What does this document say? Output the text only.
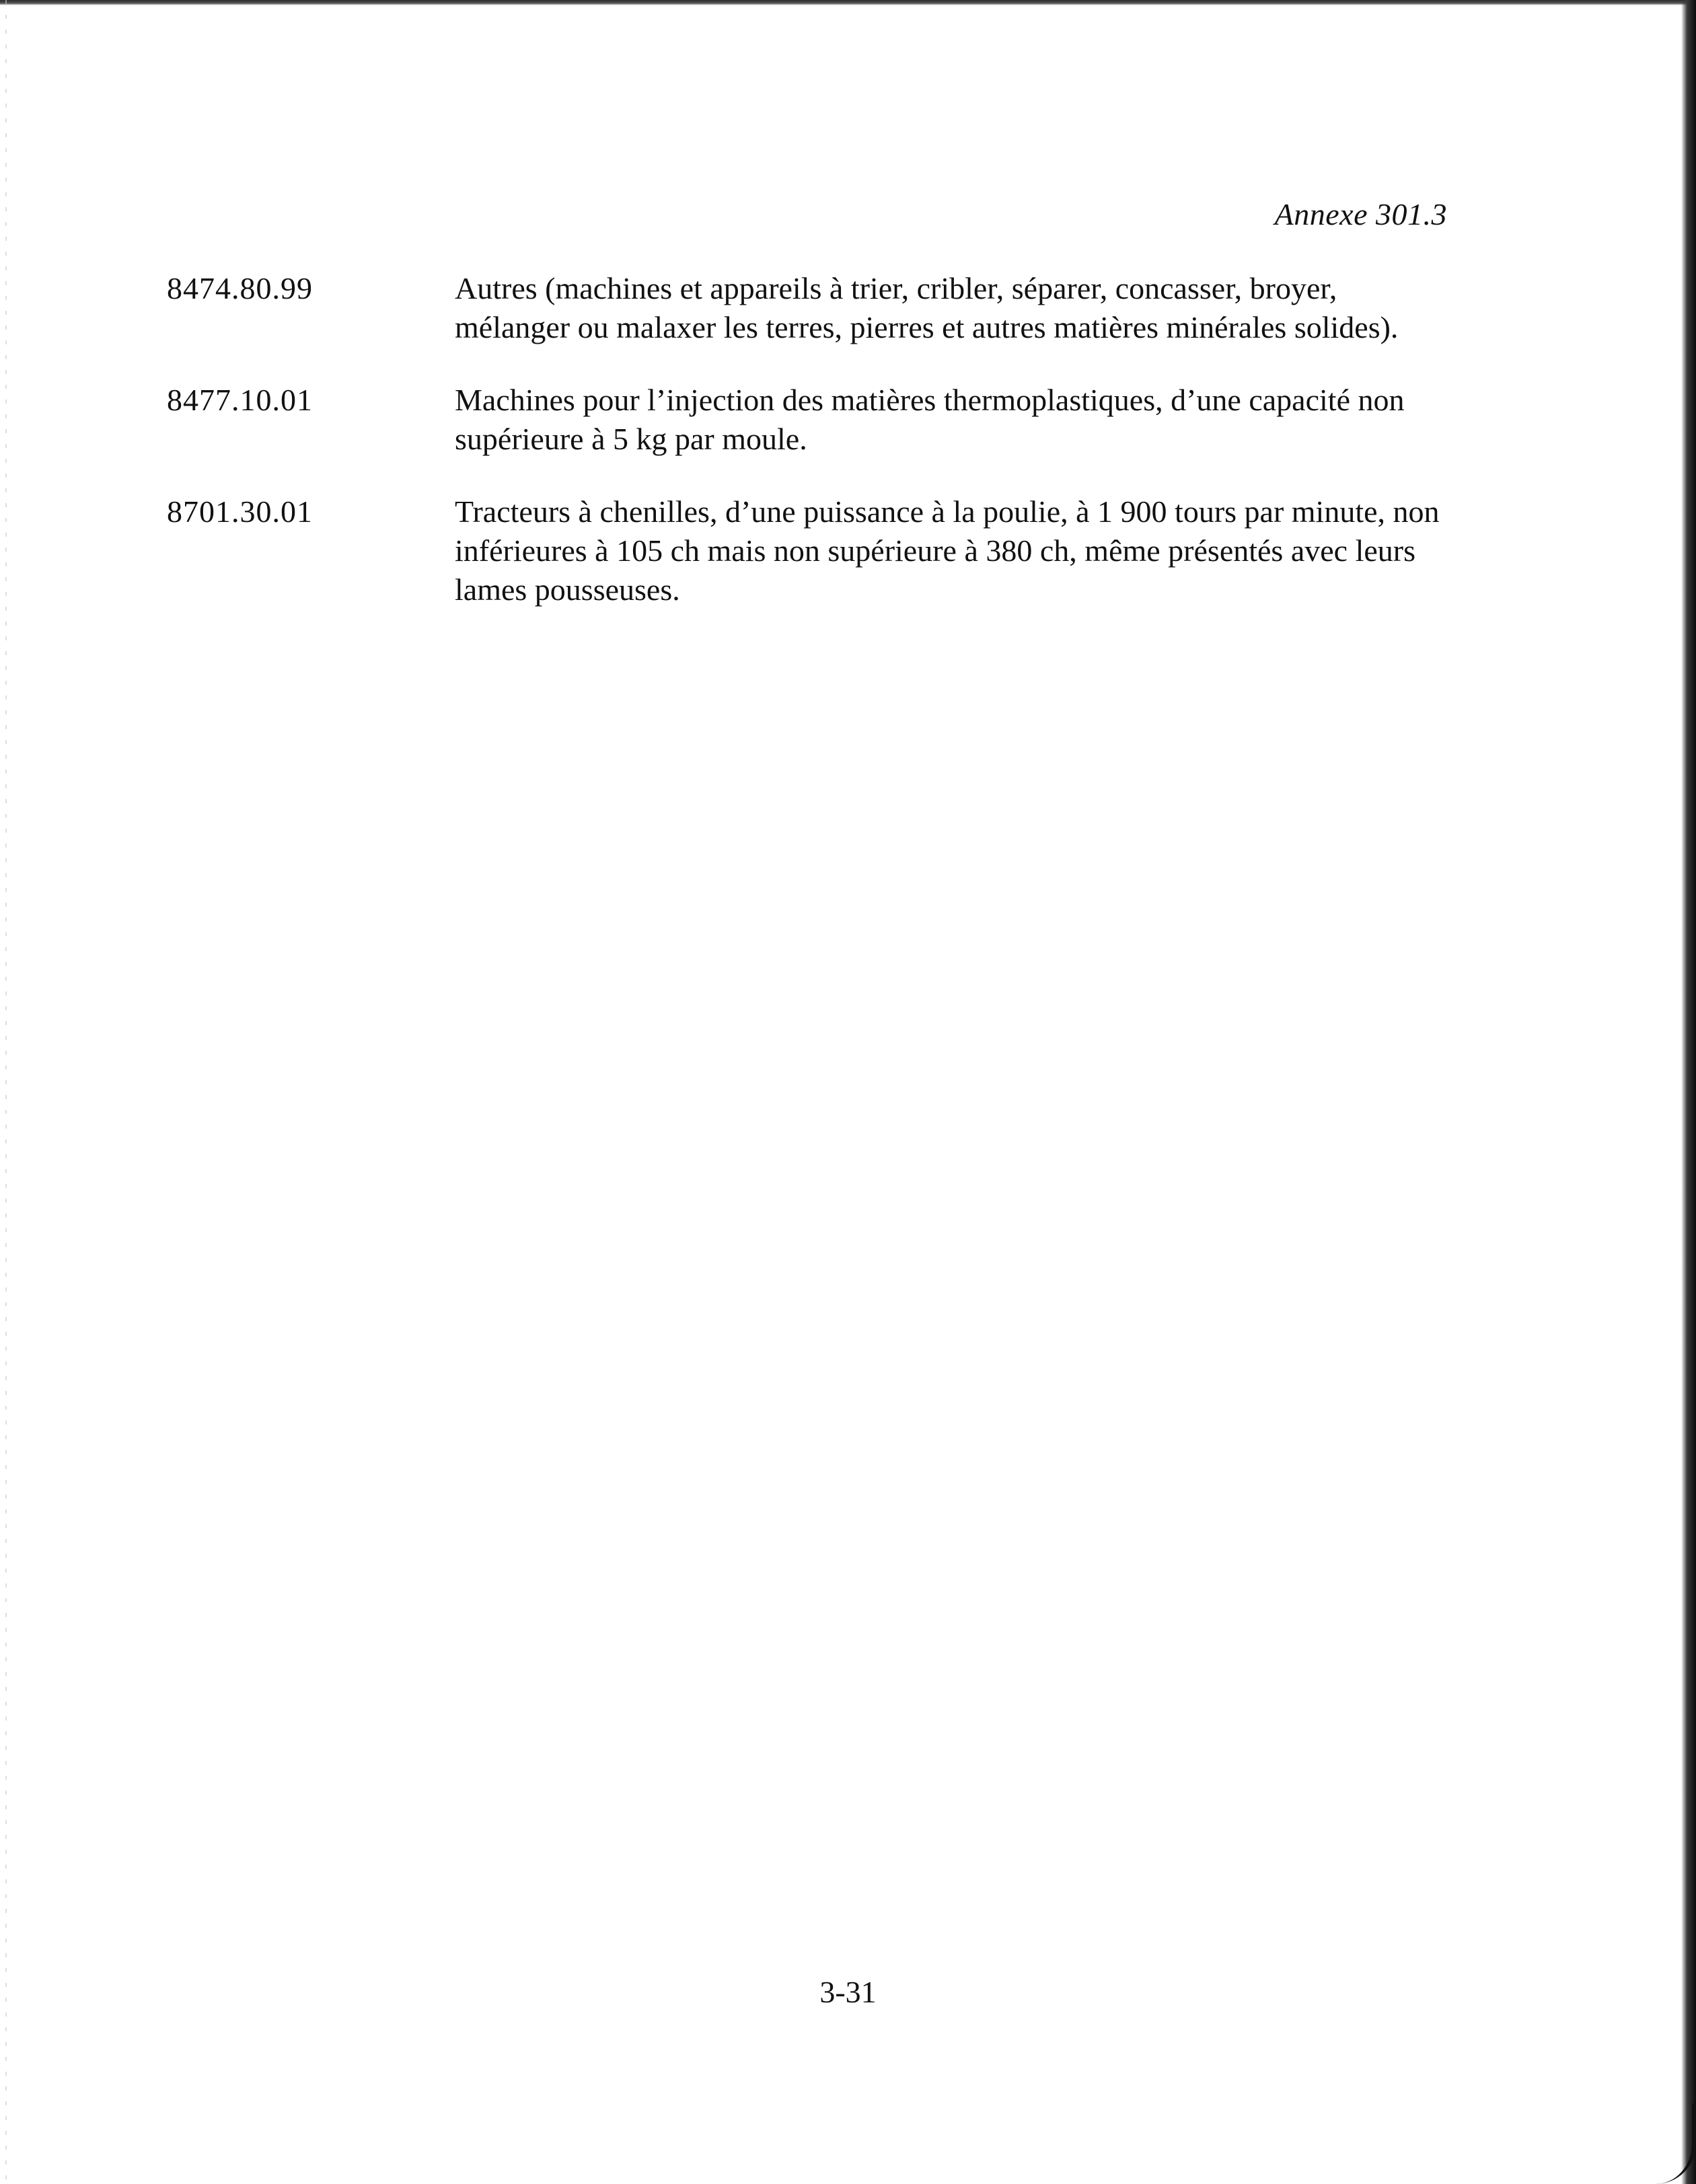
Annexe 301.3
8474.80.99	Autres (machines et appareils à trier, cribler, séparer, concasser, broyer, mélanger ou malaxer les terres, pierres et autres matières minérales solides).
8477.10.01	Machines pour l’injection des matières thermoplastiques, d’une capacité non supérieure à 5 kg par moule.
8701.30.01	Tracteurs à chenilles, d’une puissance à la poulie, à 1 900 tours par minute, non inférieures à 105 ch mais non supérieure à 380 ch, même présentés avec leurs lames pousseuses.
3-31
